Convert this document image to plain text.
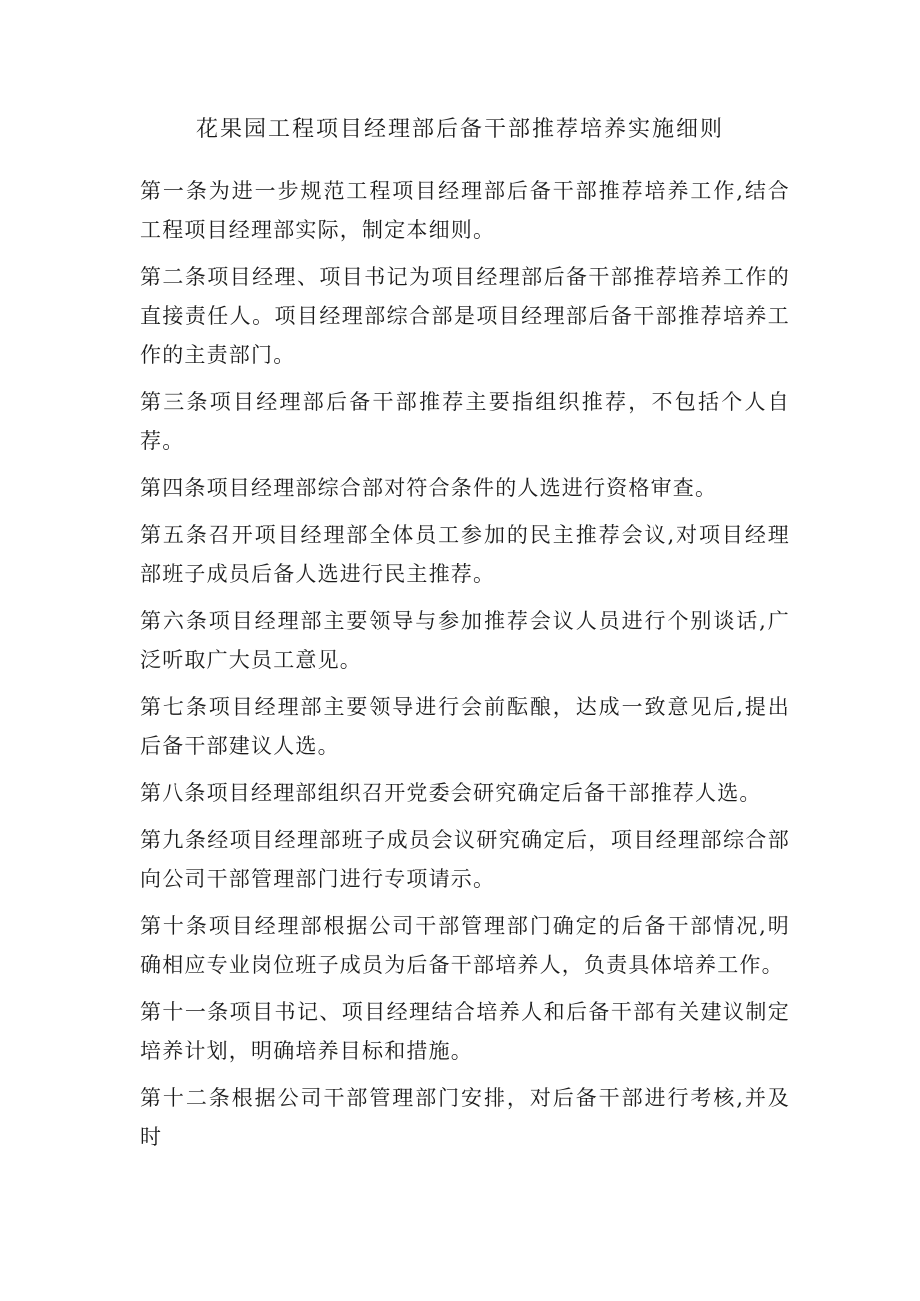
花果园工程项目经理部后备干部推荐培养实施细则

第一条为进一步规范工程项目经理部后备干部推荐培养工作,结合工程项目经理部实际，制定本细则。

第二条项目经理、项目书记为项目经理部后备干部推荐培养工作的直接责任人。项目经理部综合部是项目经理部后备干部推荐培养工作的主责部门。

第三条项目经理部后备干部推荐主要指组织推荐，不包括个人自荐。

第四条项目经理部综合部对符合条件的人选进行资格审查。

第五条召开项目经理部全体员工参加的民主推荐会议,对项目经理部班子成员后备人选进行民主推荐。

第六条项目经理部主要领导与参加推荐会议人员进行个别谈话,广泛听取广大员工意见。

第七条项目经理部主要领导进行会前酝酿，达成一致意见后,提出后备干部建议人选。

第八条项目经理部组织召开党委会研究确定后备干部推荐人选。

第九条经项目经理部班子成员会议研究确定后，项目经理部综合部向公司干部管理部门进行专项请示。

第十条项目经理部根据公司干部管理部门确定的后备干部情况,明确相应专业岗位班子成员为后备干部培养人，负责具体培养工作。

第十一条项目书记、项目经理结合培养人和后备干部有关建议制定培养计划，明确培养目标和措施。

第十二条根据公司干部管理部门安排，对后备干部进行考核,并及时
